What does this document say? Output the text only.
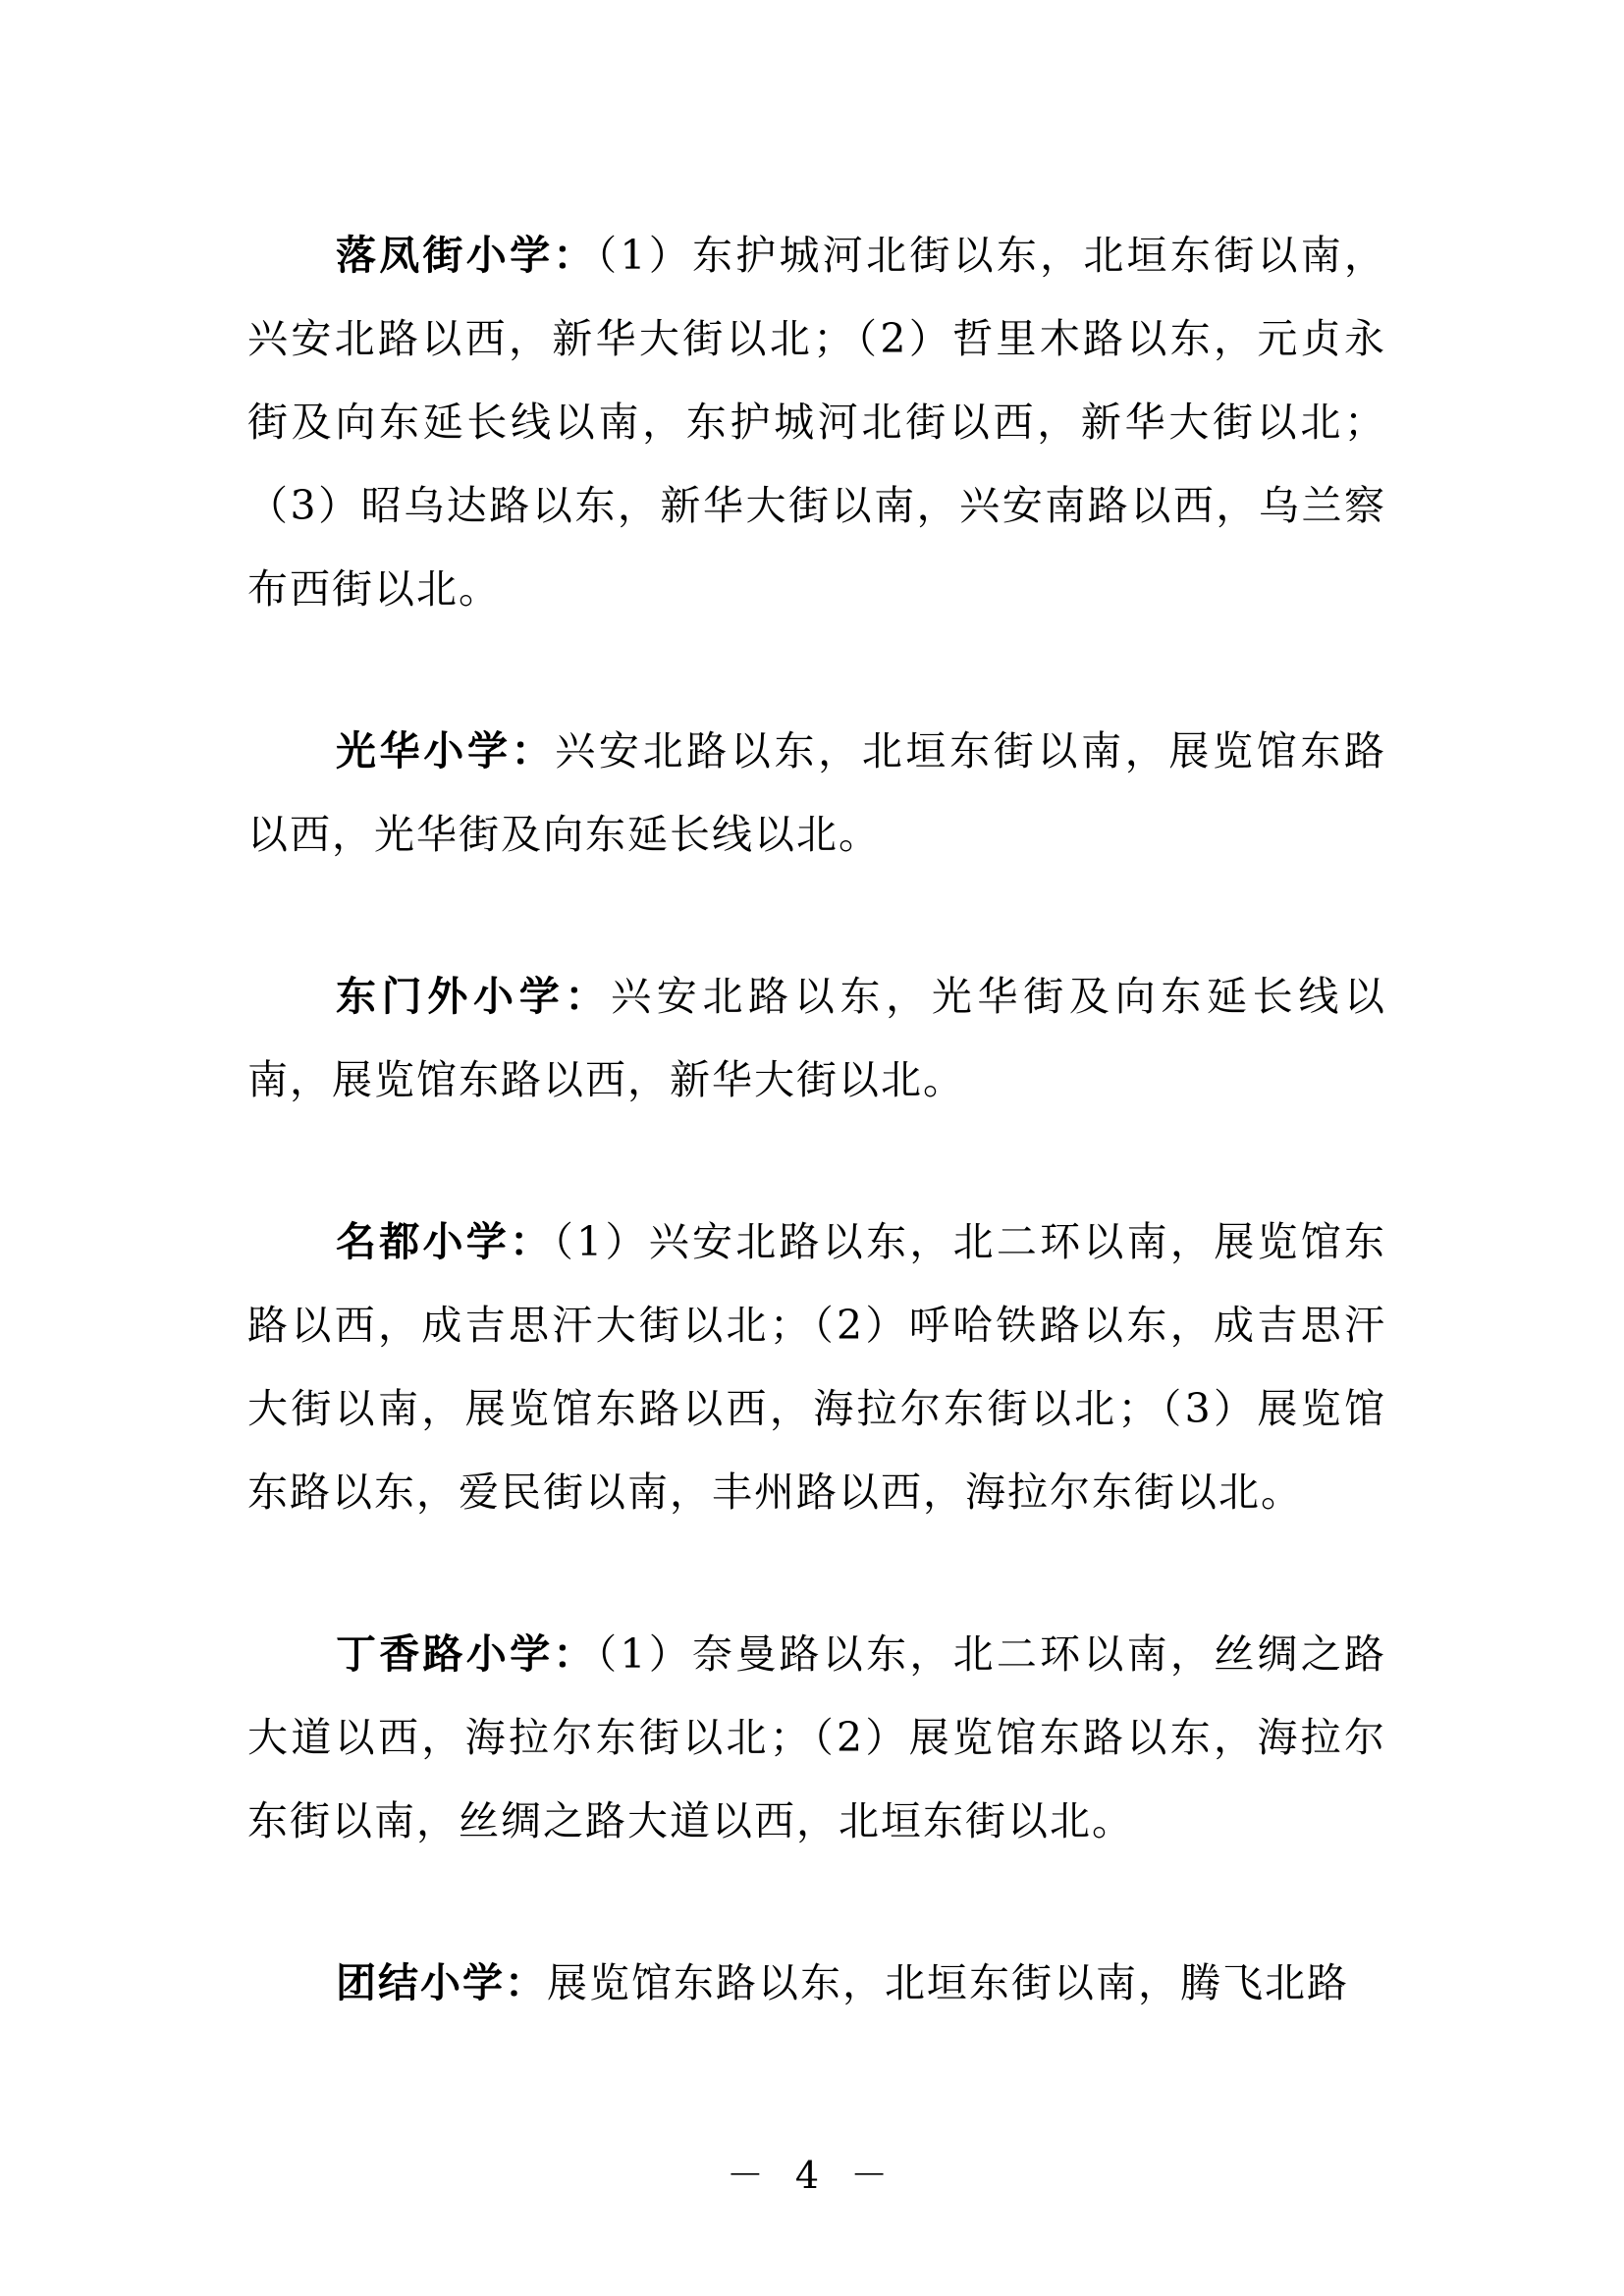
落凤街小学：（1）东护城河北街以东，北垣东街以南，兴安北路以西，新华大街以北；（2）哲里木路以东，元贞永街及向东延长线以南，东护城河北街以西，新华大街以北；（3）昭乌达路以东，新华大街以南，兴安南路以西，乌兰察布西街以北。

光华小学：兴安北路以东，北垣东街以南，展览馆东路以西，光华街及向东延长线以北。

东门外小学：兴安北路以东，光华街及向东延长线以南，展览馆东路以西，新华大街以北。

名都小学：（1）兴安北路以东，北二环以南，展览馆东路以西，成吉思汗大街以北；（2）呼哈铁路以东，成吉思汗大街以南，展览馆东路以西，海拉尔东街以北；（3）展览馆东路以东，爱民街以南，丰州路以西，海拉尔东街以北。

丁香路小学：（1）奈曼路以东，北二环以南，丝绸之路大道以西，海拉尔东街以北；（2）展览馆东路以东，海拉尔东街以南，丝绸之路大道以西，北垣东街以北。

团结小学：展览馆东路以东，北垣东街以南，腾飞北路

－ 4 －
